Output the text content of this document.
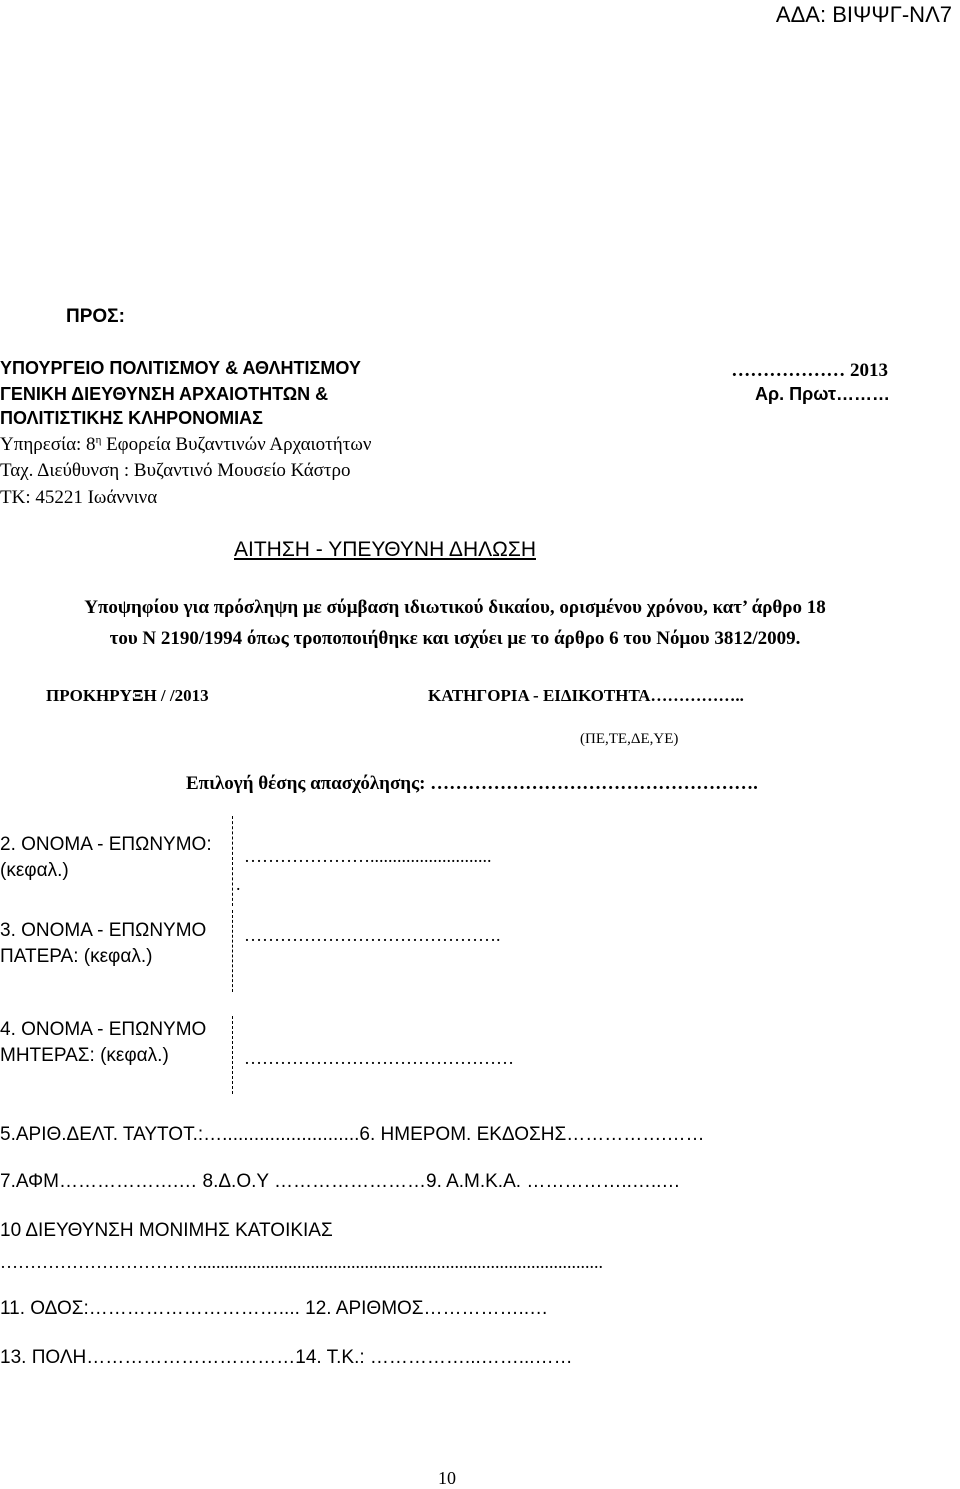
ΑΔΑ: ΒΙΨΨΓ-ΝΛ7
ΠΡΟΣ:
ΥΠΟΥΡΓΕΙΟ ΠΟΛΙΤΙΣΜΟΥ & ΑΘΛΗΤΙΣΜΟΥ
ΓΕΝΙΚΗ ΔΙΕΥΘΥΝΣΗ ΑΡΧΑΙΟΤΗΤΩΝ &
ΠΟΛΙΤΙΣΤΙΚΗΣ ΚΛΗΡΟΝΟΜΙΑΣ
Υπηρεσία: $8^\eta$ Εφορεία Βυζαντινών Αρχαιοτήτων
Ταχ. Διεύθυνση : Βυζαντινό Μουσείο Κάστρο
ΤΚ: 45221 Ιωάννινα
……………… 2013
Αρ. Πρωτ………
ΑΙΤΗΣΗ - ΥΠΕΥΘΥΝΗ ΔΗΛΩΣΗ
Υποψηφίου για πρόσληψη με σύμβαση ιδιωτικού δικαίου, ορισμένου χρόνου, κατ’ άρθρο 18
του Ν 2190/1994 όπως τροποποιήθηκε και ισχύει με το άρθρο 6 του Νόμου 3812/2009.
ΠΡΟΚΗΡΥΞΗ / /2013	ΚΑΤΗΓΟΡΙΑ - ΕΙΔΙΚΟΤΗΤΑ……………..
(ΠΕ,ΤΕ,ΔΕ,ΥΕ)
Επιλογή θέσης απασχόλησης: …………………………………………….
2. ΟΝΟΜΑ - ΕΠΩΝΥΜΟ: (κεφαλ.)
…………………...........................
.
3. ΟΝΟΜΑ - ΕΠΩΝΥΜΟ ΠΑΤΕΡΑ: (κεφαλ.)
…………………………………….
4. ΟΝΟΜΑ - ΕΠΩΝΥΜΟ ΜΗΤΕΡΑΣ: (κεφαλ.)	………………………………………
5.ΑΡΙΘ.ΔΕΛΤ. ΤΑΥΤΟΤ.:…..........................6. ΗΜΕΡΟΜ. ΕΚΔΟΣΗΣ…………….……
7.ΑΦΜ……………….… 8.Δ.Ο.Υ ……………………9. Α.Μ.Κ.Α. ……………..…..…
10 ΔΙΕΥΘΥΝΣΗ ΜΟΝΙΜΗΣ ΚΑΤΟΙΚΙΑΣ
……………………………..........................................................................................
11. ΟΔΟΣ:………………………….... 12. ΑΡΙΘΜΟΣ……………..…
13. ΠΟΛΗ……………………………14. Τ.Κ.: ……………...……...……
10
